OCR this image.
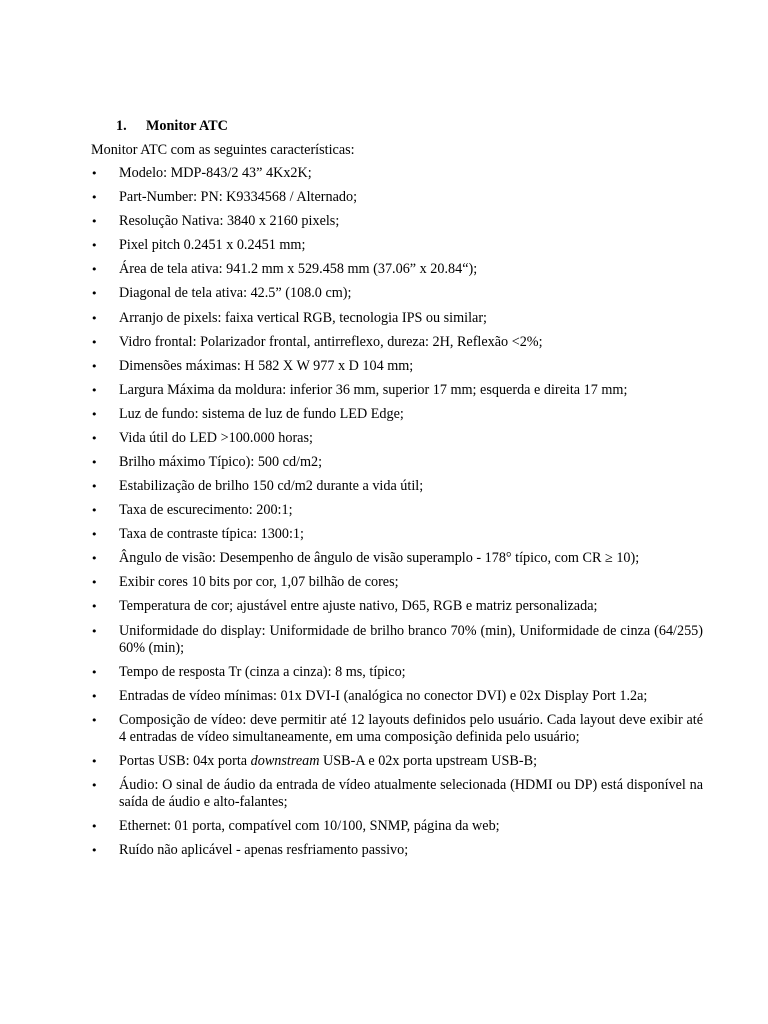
1. Monitor ATC
Monitor ATC com as seguintes características:
•	Modelo: MDP-843/2 43” 4Kx2K;
•	Part-Number: PN: K9334568 / Alternado;
•	Resolução Nativa: 3840 x 2160 pixels;
•	Pixel pitch 0.2451 x 0.2451 mm;
•	Área de tela ativa: 941.2 mm x 529.458 mm (37.06” x 20.84“);
•	Diagonal de tela ativa: 42.5” (108.0 cm);
•	Arranjo de pixels: faixa vertical RGB, tecnologia IPS ou similar;
•	Vidro frontal: Polarizador frontal, antirreflexo, dureza: 2H, Reflexão <2%;
•	Dimensões máximas: H 582 X W 977 x D 104 mm;
•	Largura Máxima da moldura: inferior 36 mm, superior 17 mm; esquerda e direita 17 mm;
•	Luz de fundo: sistema de luz de fundo LED Edge;
•	Vida útil do LED >100.000 horas;
•	Brilho máximo Típico): 500 cd/m2;
•	Estabilização de brilho 150 cd/m2 durante a vida útil;
•	Taxa de escurecimento: 200:1;
•	Taxa de contraste típica: 1300:1;
•	Ângulo de visão: Desempenho de ângulo de visão superamplo - 178° típico, com CR ≥ 10);
•	Exibir cores 10 bits por cor, 1,07 bilhão de cores;
•	Temperatura de cor; ajustável entre ajuste nativo, D65, RGB e matriz personalizada;
•	Uniformidade do display: Uniformidade de brilho branco 70% (min), Uniformidade de cinza (64/255) 60% (min);
•	Tempo de resposta Tr (cinza a cinza): 8 ms, típico;
•	Entradas de vídeo mínimas: 01x DVI-I (analógica no conector DVI) e 02x Display Port 1.2a;
•	Composição de vídeo: deve permitir até 12 layouts definidos pelo usuário. Cada layout deve exibir até 4 entradas de vídeo simultaneamente, em uma composição definida pelo usuário;
•	Portas USB: 04x porta downstream USB-A e 02x porta upstream USB-B;
•	Áudio: O sinal de áudio da entrada de vídeo atualmente selecionada (HDMI ou DP) está disponível na saída de áudio e alto-falantes;
•	Ethernet: 01 porta, compatível com 10/100, SNMP, página da web;
•	Ruído não aplicável - apenas resfriamento passivo;
